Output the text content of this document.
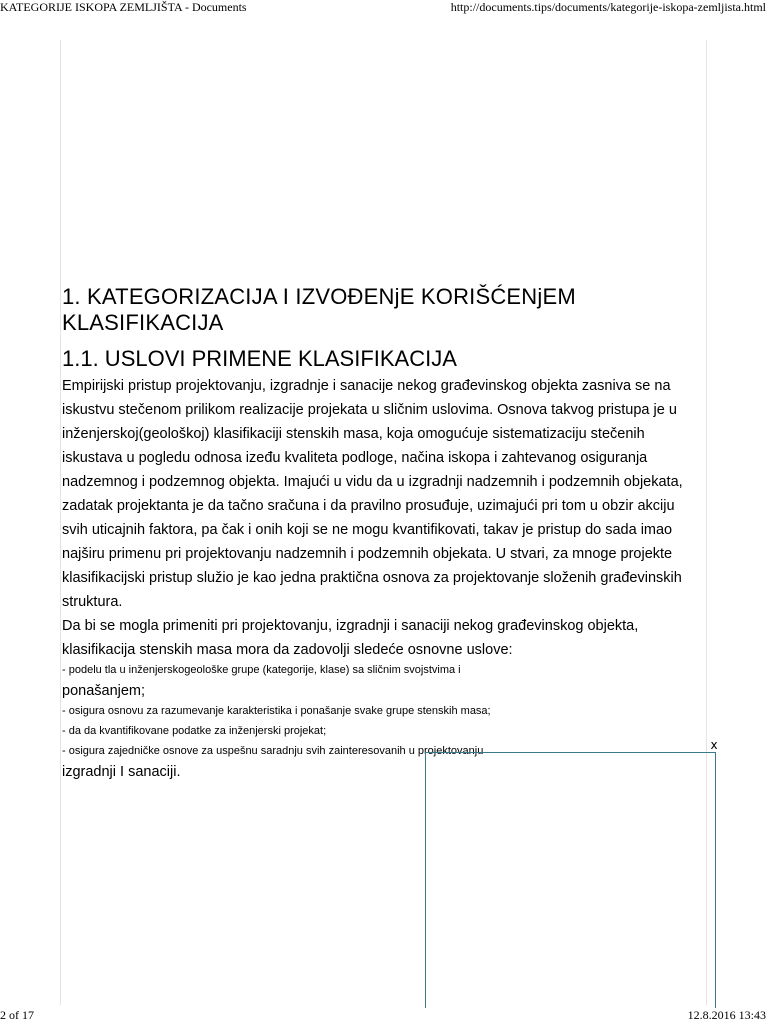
KATEGORIJE ISKOPA ZEMLJIŠTA - Documents	http://documents.tips/documents/kategorije-iskopa-zemljista.html
1. KATEGORIZACIJA I IZVOĐENjE KORIŠĆENjEM KLASIFIKACIJA
1.1. USLOVI PRIMENE KLASIFIKACIJA

Empirijski pristup projektovanju, izgradnje i sanacije nekog građevinskog objekta zasniva se na

iskustvu stečenom prilikom realizacije projekata u sličnim uslovima. Osnova takvog pristupa je u

inženjerskoj(geološkoj) klasifikaciji stenskih masa, koja omogućuje sistematizaciju stečenih

iskustava u pogledu odnosa izeđu kvaliteta podloge, načina iskopa i zahtevanog osiguranja

nadzemnog i podzemnog objekta. Imajući u vidu da u izgradnji nadzemnih i podzemnih objekata,

zadatak projektanta je da tačno sračuna i da pravilno prosuđuje, uzimajući pri tom u obzir akciju

svih uticajnih faktora, pa čak i onih koji se ne mogu kvantifikovati, takav je pristup do sada imao

najširu primenu pri projektovanju nadzemnih i podzemnih objekata. U stvari, za mnoge projekte

klasifikacijski pristup služio je kao jedna praktična osnova za projektovanje složenih građevinskih

struktura.

Da bi se mogla primeniti pri projektovanju, izgradnji i sanaciji nekog građevinskog objekta,

klasifikacija stenskih masa mora da zadovolji sledeće osnovne uslove:

- podelu tla u inženjerskogeološke grupe (kategorije, klase) sa sličnim svojstvima i

ponašanjem;

- osigura osnovu za razumevanje karakteristika i ponašanje svake grupe stenskih masa;

- da da kvantifikovane podatke za inženjerski projekat;

- osigura zajedničke osnove za uspešnu saradnju svih zainteresovanih u projektovanju

izgradnji I sanaciji.

x
2 of 17	12.8.2016 13:43
